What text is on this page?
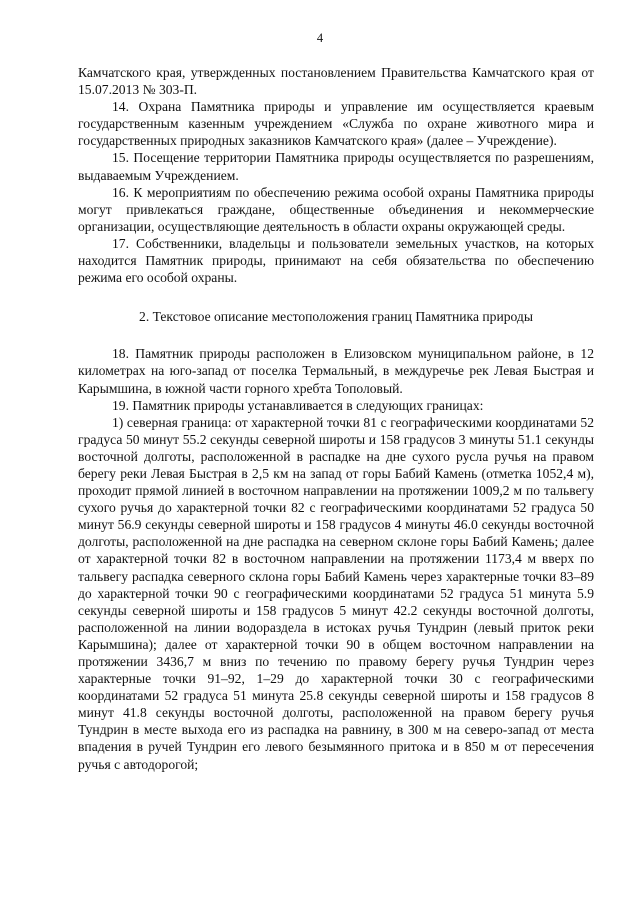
4

Камчатского края, утвержденных постановлением Правительства Камчатского края от 15.07.2013 № 303-П.

14. Охрана Памятника природы и управление им осуществляется краевым государственным казенным учреждением «Служба по охране животного мира и государственных природных заказников Камчатского края» (далее – Учреждение).

15. Посещение территории Памятника природы осуществляется по разрешениям, выдаваемым Учреждением.

16. К мероприятиям по обеспечению режима особой охраны Памятника природы могут привлекаться граждане, общественные объединения и некоммерческие организации, осуществляющие деятельность в области охраны окружающей среды.

17. Собственники, владельцы и пользователи земельных участков, на которых находится Памятник природы, принимают на себя обязательства по обеспечению режима его особой охраны.

2. Текстовое описание местоположения границ Памятника природы

18. Памятник природы расположен в Елизовском муниципальном районе, в 12 километрах на юго-запад от поселка Термальный, в междуречье рек Левая Быстрая и Карымшина, в южной части горного хребта Тополовый.

19. Памятник природы устанавливается в следующих границах:

1) северная граница: от характерной точки 81 с географическими координатами 52 градуса 50 минут 55.2 секунды северной широты и 158 градусов 3 минуты 51.1 секунды восточной долготы, расположенной в распадке на дне сухого русла ручья на правом берегу реки Левая Быстрая в 2,5 км на запад от горы Бабий Камень (отметка 1052,4 м), проходит прямой линией в восточном направлении на протяжении 1009,2 м по тальвегу сухого ручья до характерной точки 82 с географическими координатами 52 градуса 50 минут 56.9 секунды северной широты и 158 градусов 4 минуты 46.0 секунды восточной долготы, расположенной на дне распадка на северном склоне горы Бабий Камень; далее от характерной точки 82 в восточном направлении на протяжении 1173,4 м вверх по тальвегу распадка северного склона горы Бабий Камень через характерные точки 83–89 до характерной точки 90 с географическими координатами 52 градуса 51 минута 5.9 секунды северной широты и 158 градусов 5 минут 42.2 секунды восточной долготы, расположенной на линии водораздела в истоках ручья Тундрин (левый приток реки Карымшина); далее от характерной точки 90 в общем восточном направлении на протяжении 3436,7 м вниз по течению по правому берегу ручья Тундрин через характерные точки 91–92, 1–29 до характерной точки 30 с географическими координатами 52 градуса 51 минута 25.8 секунды северной широты и 158 градусов 8 минут 41.8 секунды восточной долготы, расположенной на правом берегу ручья Тундрин в месте выхода его из распадка на равнину, в 300 м на северо-запад от места впадения в ручей Тундрин его левого безымянного притока и в 850 м от пересечения ручья с автодорогой;
